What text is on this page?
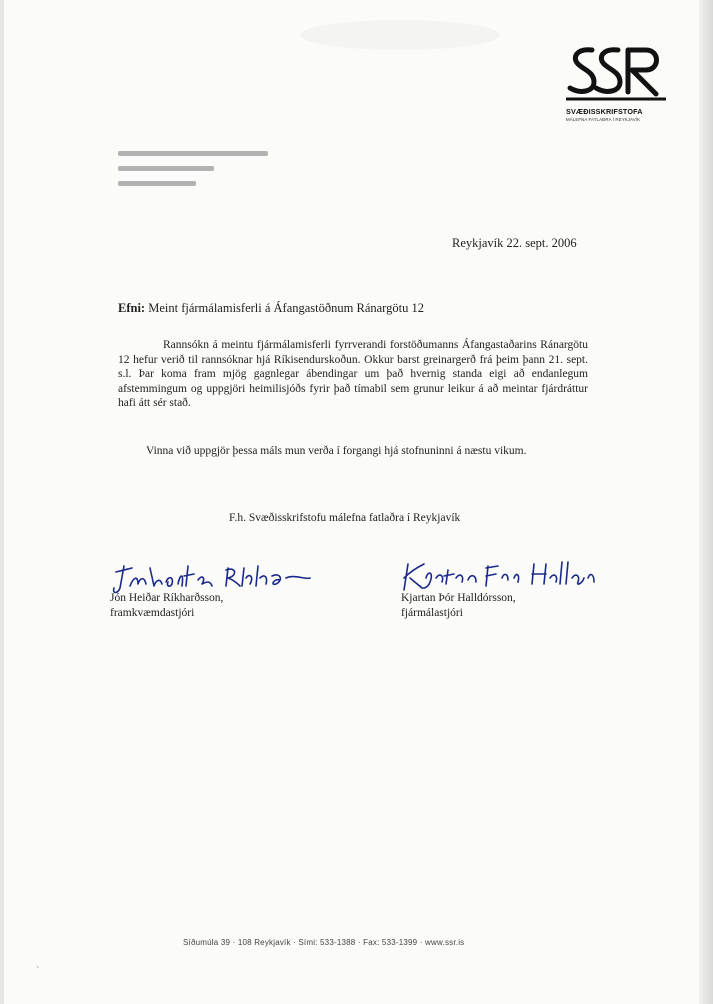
SVÆÐISSKRIFSTOFA
MÁLEFNA FATLAÐRA Í REYKJAVÍK
Reykjavík 22. sept. 2006
Efni: Meint fjármálamisferli á Áfangastöðnum Ránargötu 12
Rannsókn á meintu fjármálamisferli fyrrverandi forstöðumanns Áfangastaðarins Ránargötu 12 hefur verið til rannsóknar hjá Ríkisendurskoðun. Okkur barst greinargerð frá þeim þann 21. sept. s.l. Þar koma fram mjög gagnlegar ábendingar um það hvernig standa eigi að endanlegum afstemmingum og uppgjöri heimilisjóðs fyrir það tímabil sem grunur leikur á að meintar fjárdráttur hafi átt sér stað.
Vinna við uppgjör þessa máls mun verða í forgangi hjá stofnuninni á næstu vikum.
F.h. Svæðisskrifstofu málefna fatlaðra í Reykjavík
Jón Heiðar Ríkharðsson,
framkvæmdastjóri
Kjartan Þór Halldórsson,
fjármálastjóri
Síðumúla 39 · 108 Reykjavík · Sími: 533-1388 · Fax: 533-1399 · www.ssr.is
`
